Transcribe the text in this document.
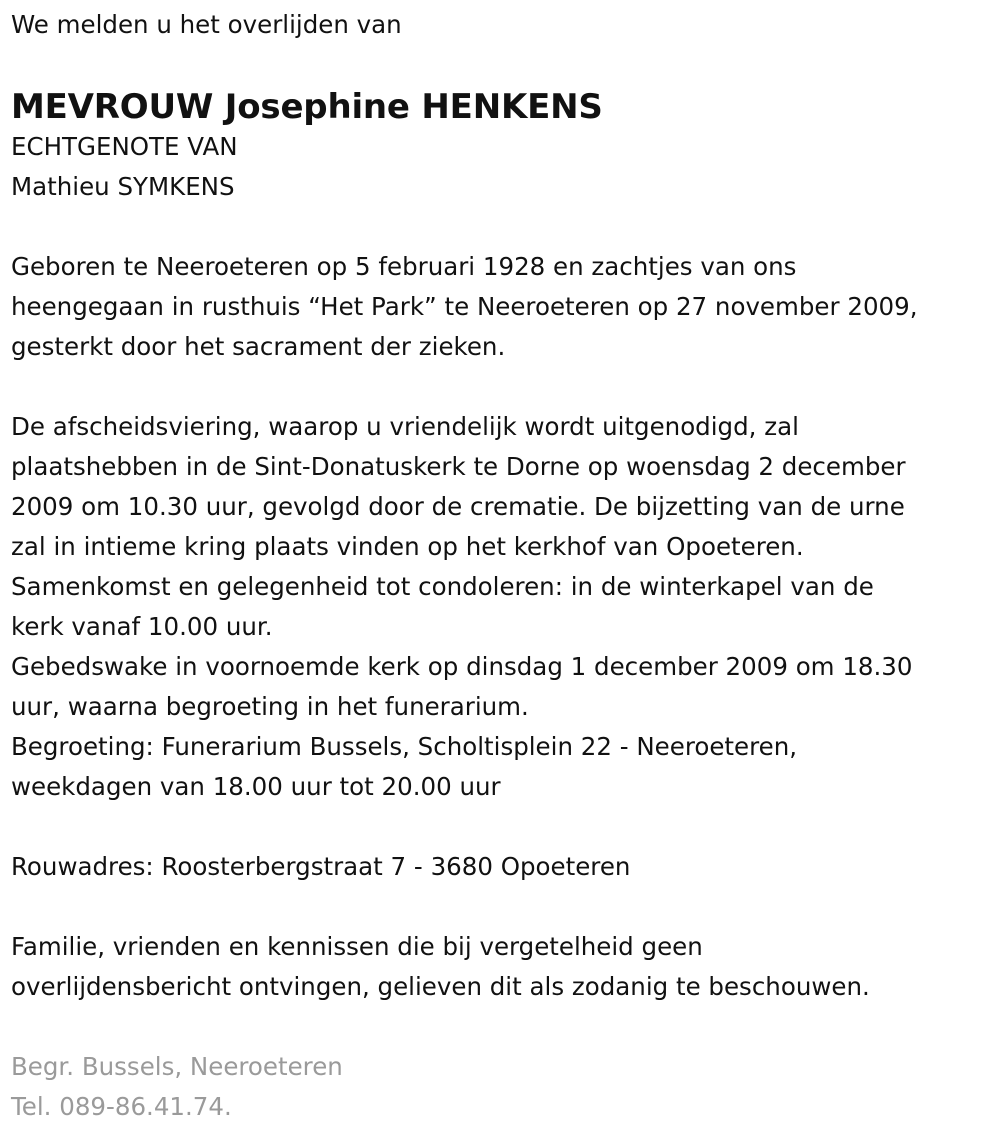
We melden u het overlijden van

MEVROUW Josephine HENKENS

ECHTGENOTE VAN

Mathieu SYMKENS

Geboren te Neeroeteren op 5 februari 1928 en zachtjes van ons

heengegaan in rusthuis “Het Park” te Neeroeteren op 27 november 2009,

gesterkt door het sacrament der zieken.

De afscheidsviering, waarop u vriendelijk wordt uitgenodigd, zal

plaatshebben in de Sint-Donatuskerk te Dorne op woensdag 2 december

2009 om 10.30 uur, gevolgd door de crematie. De bijzetting van de urne

zal in intieme kring plaats vinden op het kerkhof van Opoeteren.

Samenkomst en gelegenheid tot condoleren: in de winterkapel van de

kerk vanaf 10.00 uur.

Gebedswake in voornoemde kerk op dinsdag 1 december 2009 om 18.30

uur, waarna begroeting in het funerarium.

Begroeting: Funerarium Bussels, Scholtisplein 22 - Neeroeteren,

weekdagen van 18.00 uur tot 20.00 uur

Rouwadres: Roosterbergstraat 7 - 3680 Opoeteren

Familie, vrienden en kennissen die bij vergetelheid geen

overlijdensbericht ontvingen, gelieven dit als zodanig te beschouwen.

Begr. Bussels, Neeroeteren

Tel. 089-86.41.74.
